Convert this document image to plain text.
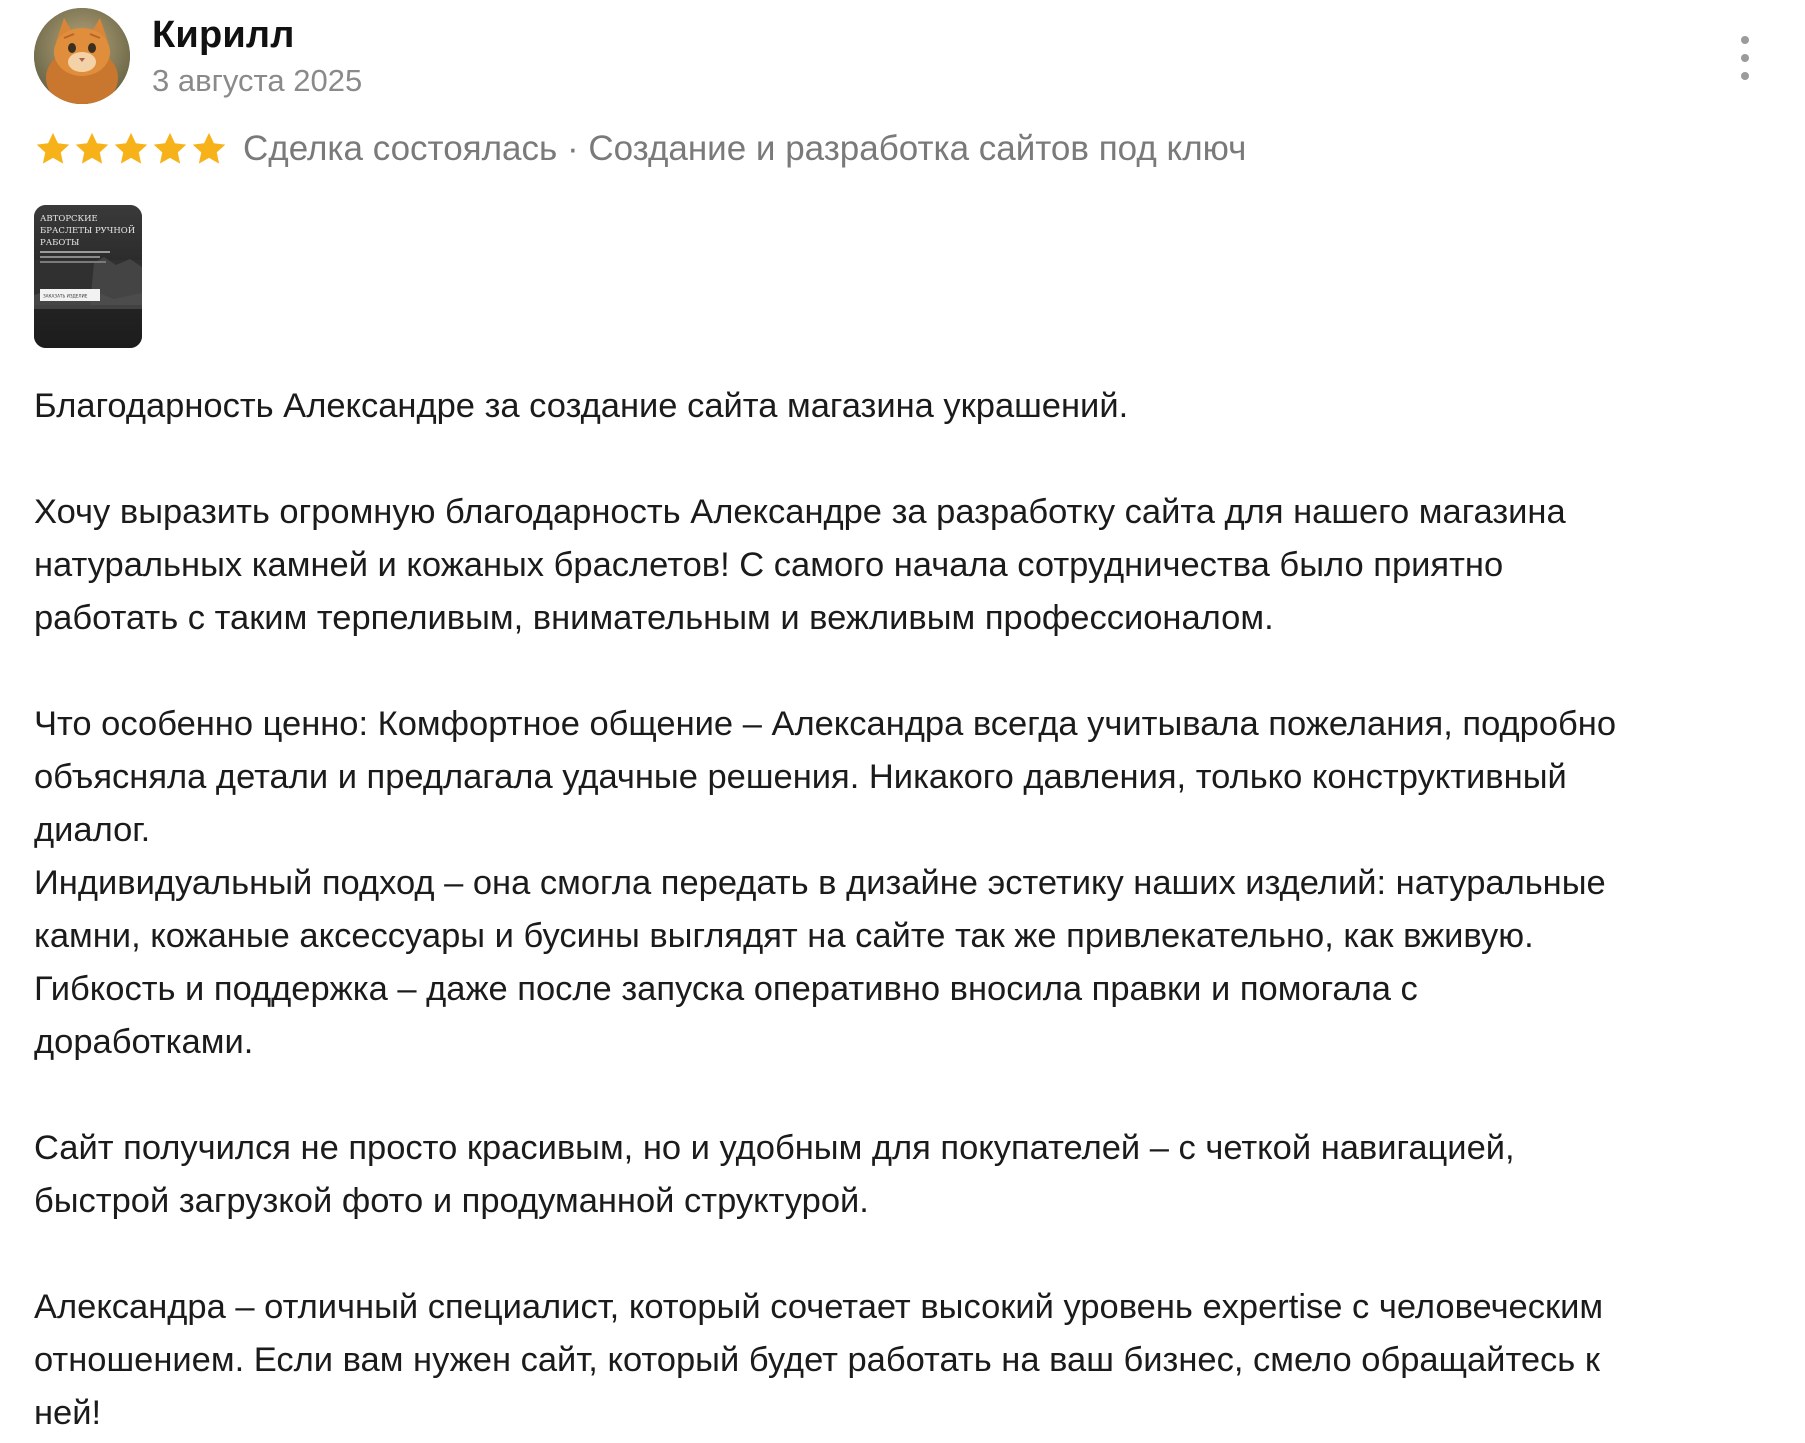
Кирилл
3 августа 2025
Сделка состоялась · Создание и разработка сайтов под ключ
АВТОРСКИЕ
БРАСЛЕТЫ РУЧНОЙ
РАБОТЫ
ЗАКАЗАТЬ ИЗДЕЛИЕ

Благодарность Александре за создание сайта магазина украшений.

Хочу выразить огромную благодарность Александре за разработку сайта для нашего магазина

натуральных камней и кожаных браслетов! С самого начала сотрудничества было приятно

работать с таким терпеливым, внимательным и вежливым профессионалом.

Что особенно ценно: Комфортное общение – Александра всегда учитывала пожелания, подробно

объясняла детали и предлагала удачные решения. Никакого давления, только конструктивный

диалог.

Индивидуальный подход – она смогла передать в дизайне эстетику наших изделий: натуральные

камни, кожаные аксессуары и бусины выглядят на сайте так же привлекательно, как вживую.

Гибкость и поддержка – даже после запуска оперативно вносила правки и помогала с

доработками.

Сайт получился не просто красивым, но и удобным для покупателей – с четкой навигацией,

быстрой загрузкой фото и продуманной структурой.

Александра – отличный специалист, который сочетает высокий уровень expertise с человеческим

отношением. Если вам нужен сайт, который будет работать на ваш бизнес, смело обращайтесь к

ней!
